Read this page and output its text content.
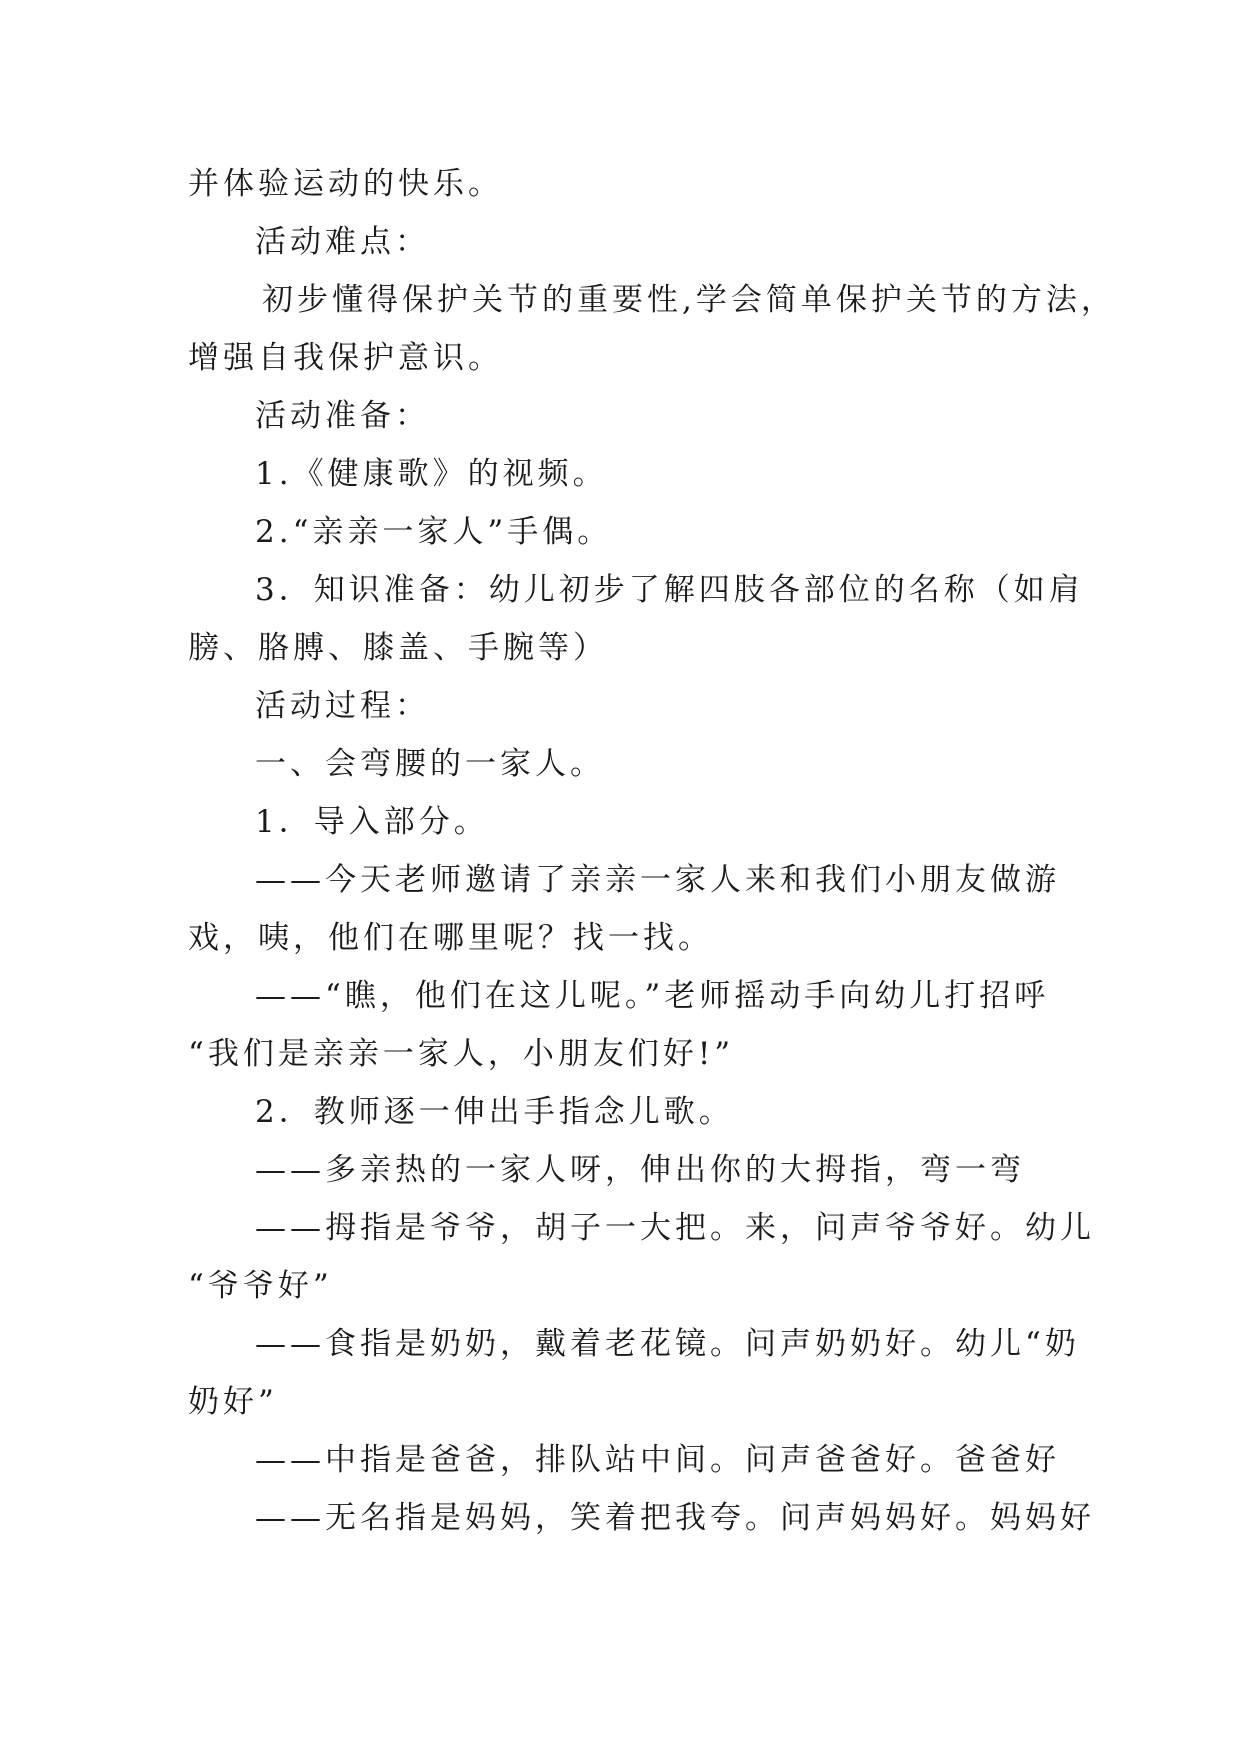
并体验运动的快乐。
活动难点：
初步懂得保护关节的重要性,学会简单保护关节的方法，
增强自我保护意识。
活动准备：
1.《健康歌》的视频。
2.“亲亲一家人”手偶。
3．知识准备：幼儿初步了解四肢各部位的名称（如肩
膀、胳膊、膝盖、手腕等）
活动过程：
一、会弯腰的一家人。
1．导入部分。
——今天老师邀请了亲亲一家人来和我们小朋友做游
戏，咦，他们在哪里呢？找一找。
——“瞧，他们在这儿呢。”老师摇动手向幼儿打招呼
“我们是亲亲一家人，小朋友们好!”
2．教师逐一伸出手指念儿歌。
——多亲热的一家人呀，伸出你的大拇指，弯一弯
——拇指是爷爷，胡子一大把。来，问声爷爷好。幼儿
“爷爷好”
——食指是奶奶，戴着老花镜。问声奶奶好。幼儿“奶
奶好”
——中指是爸爸，排队站中间。问声爸爸好。爸爸好
——无名指是妈妈，笑着把我夸。问声妈妈好。妈妈好
